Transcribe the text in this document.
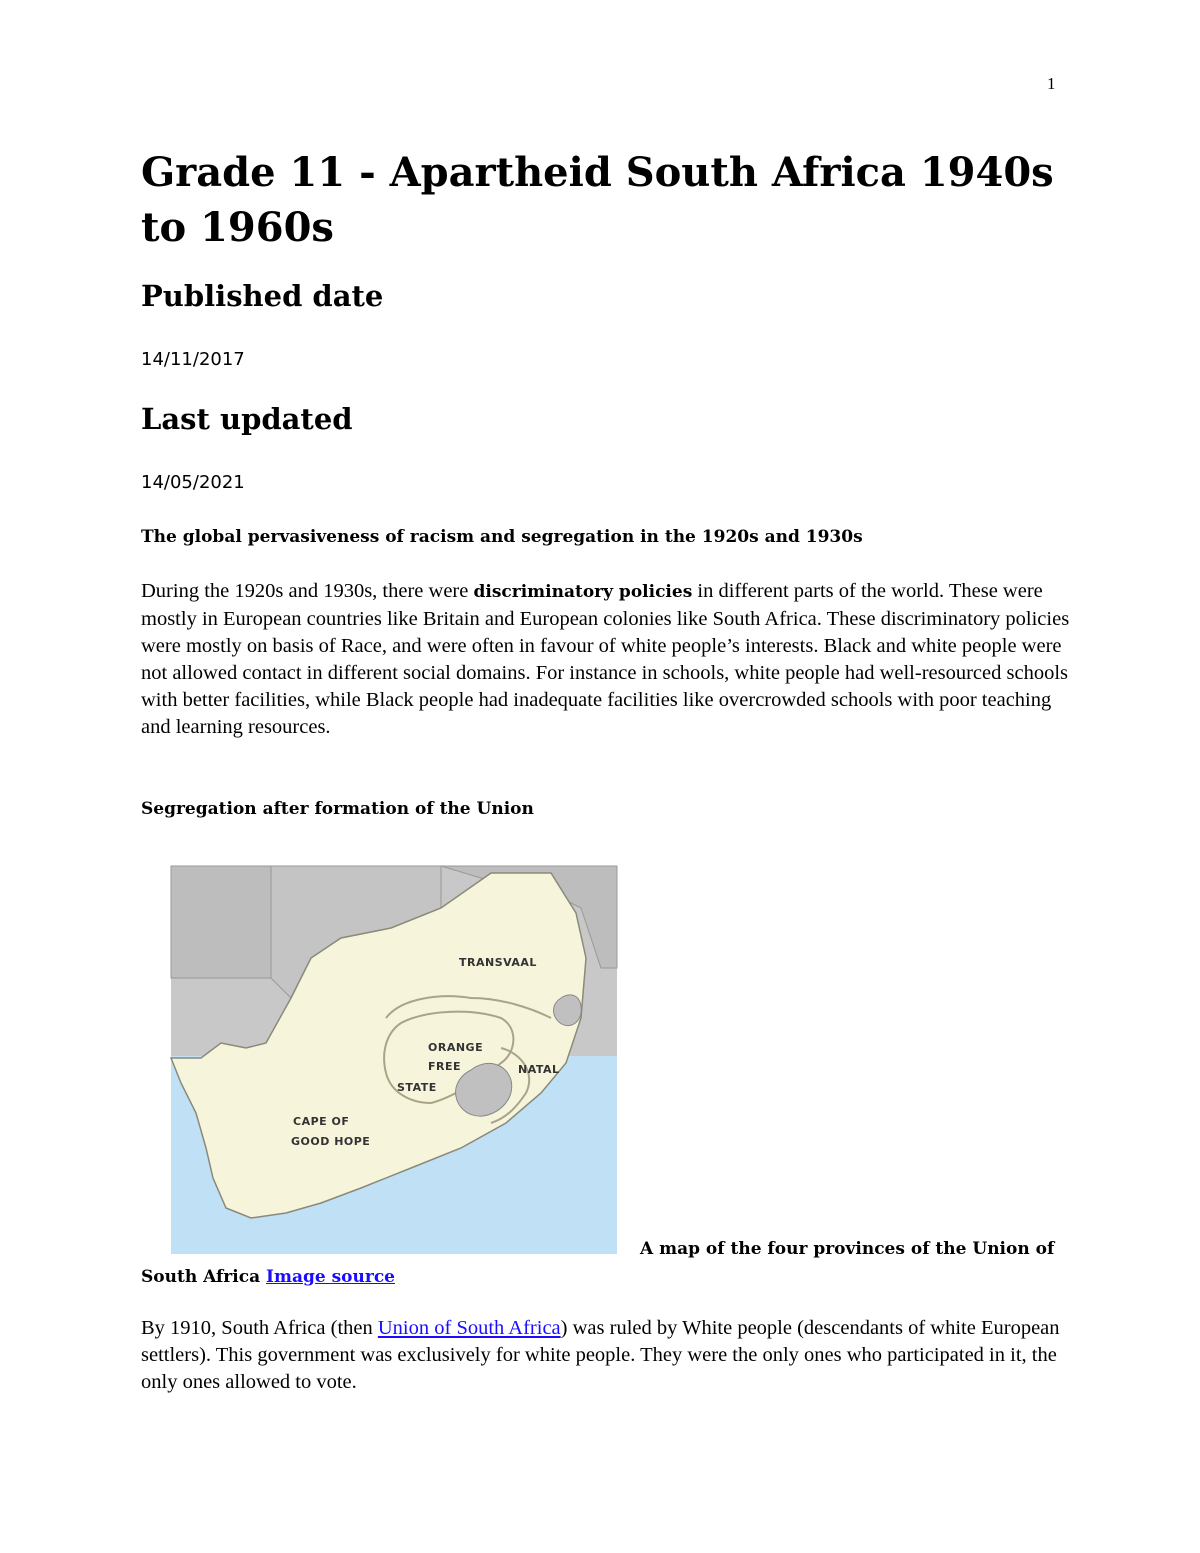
1
Grade 11 - Apartheid South Africa 1940s to 1960s
Published date
14/11/2017
Last updated
14/05/2021
The global pervasiveness of racism and segregation in the 1920s and 1930s

During the 1920s and 1930s, there were discriminatory policies in different parts of the world. These were mostly in European countries like Britain and European colonies like South Africa. These discriminatory policies were mostly on basis of Race, and were often in favour of white people’s interests. Black and white people were not allowed contact in different social domains. For instance in schools, white people had well-resourced schools with better facilities, while Black people had inadequate facilities like overcrowded schools with poor teaching and learning resources.

Segregation after formation of the Union
TRANSVAAL
ORANGE
FREE
STATE
NATAL
CAPE OF
GOOD HOPE

A map of the four provinces of the Union of South Africa Image source

By 1910, South Africa (then Union of South Africa) was ruled by White people (descendants of white European settlers). This government was exclusively for white people. They were the only ones who participated in it, the only ones allowed to vote.
